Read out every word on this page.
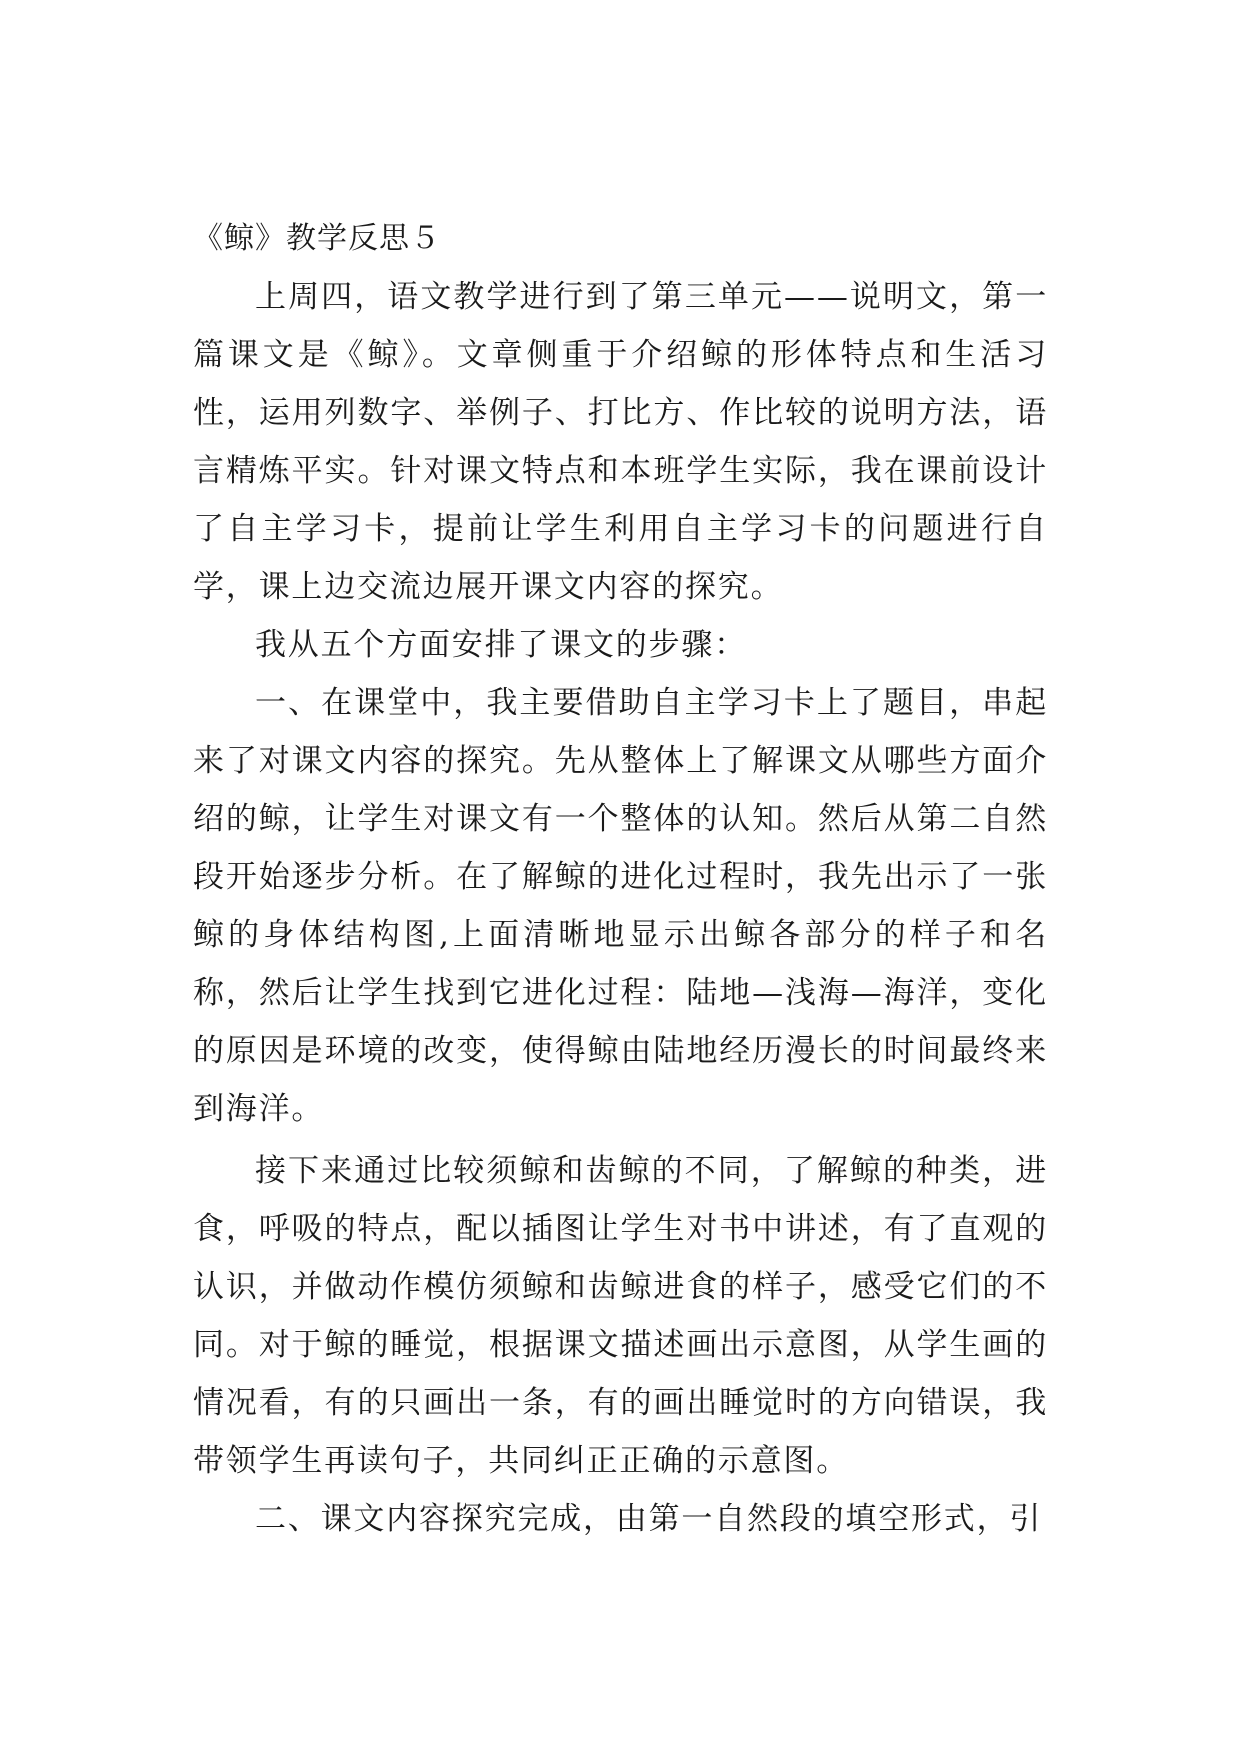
《鲸》教学反思５

上周四，语文教学进行到了第三单元——说明文，第一篇课文是《鲸》。文章侧重于介绍鲸的形体特点和生活习性，运用列数字、举例子、打比方、作比较的说明方法，语言精炼平实。针对课文特点和本班学生实际，我在课前设计了自主学习卡，提前让学生利用自主学习卡的问题进行自学，课上边交流边展开课文内容的探究。

我从五个方面安排了课文的步骤：

一、在课堂中，我主要借助自主学习卡上了题目，串起来了对课文内容的探究。先从整体上了解课文从哪些方面介绍的鲸，让学生对课文有一个整体的认知。然后从第二自然段开始逐步分析。在了解鲸的进化过程时，我先出示了一张鲸的身体结构图,上面清晰地显示出鲸各部分的样子和名称，然后让学生找到它进化过程：陆地—浅海—海洋，变化的原因是环境的改变，使得鲸由陆地经历漫长的时间最终来到海洋。

接下来通过比较须鲸和齿鲸的不同，了解鲸的种类，进食，呼吸的特点，配以插图让学生对书中讲述，有了直观的认识，并做动作模仿须鲸和齿鲸进食的样子，感受它们的不同。对于鲸的睡觉，根据课文描述画出示意图，从学生画的情况看，有的只画出一条，有的画出睡觉时的方向错误，我带领学生再读句子，共同纠正正确的示意图。

二、课文内容探究完成，由第一自然段的填空形式，引
